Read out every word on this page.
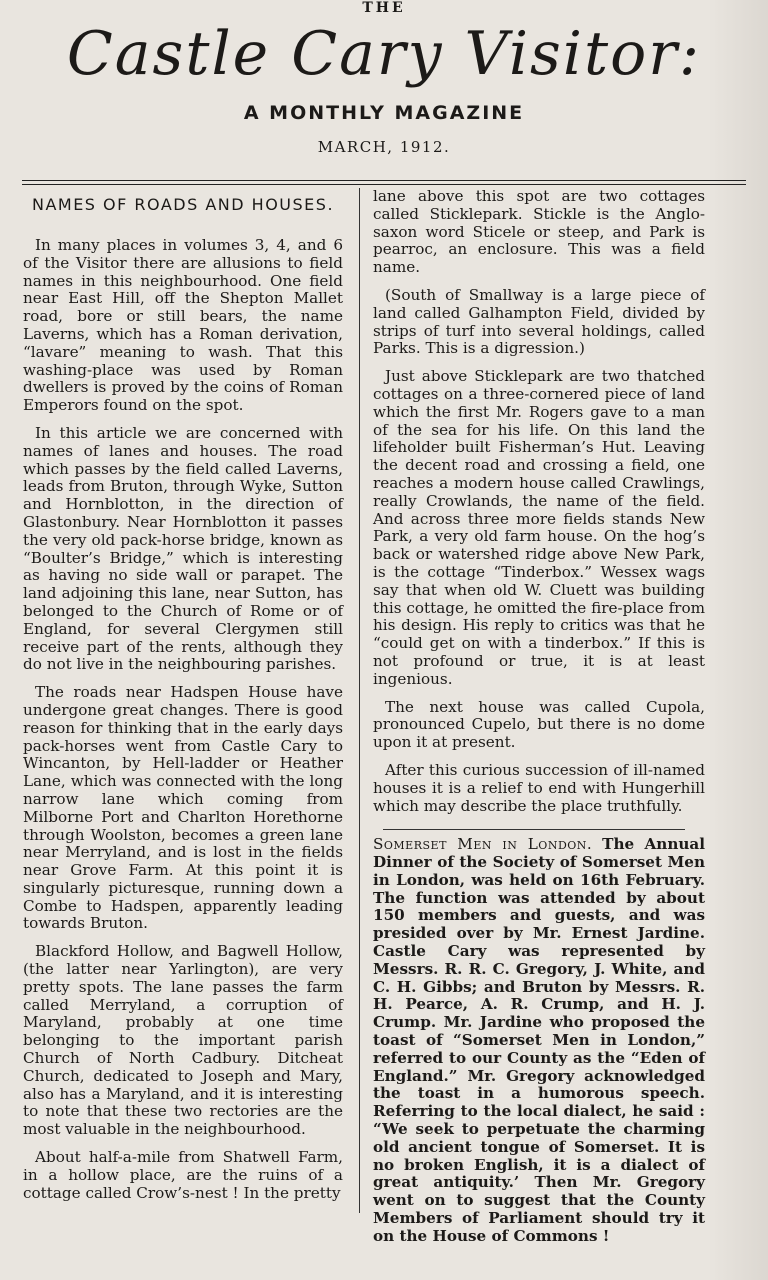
THE
Castle Cary Visitor:
A MONTHLY MAGAZINE
MARCH, 1912.
NAMES OF ROADS AND HOUSES.

In many places in volumes 3, 4, and 6 of the Visitor there are allusions to field names in this neighbourhood. One field near East Hill, off the Shepton Mallet road, bore or still bears, the name Laverns, which has a Roman derivation, “lavare” meaning to wash. That this washing-place was used by Roman dwellers is proved by the coins of Roman Emperors found on the spot.

In this article we are concerned with names of lanes and houses. The road which passes by the field called Laverns, leads from Bruton, through Wyke, Sutton and Hornblotton, in the direction of Glastonbury. Near Hornblotton it passes the very old pack-horse bridge, known as “Boulter’s Bridge,” which is interesting as having no side wall or parapet. The land adjoining this lane, near Sutton, has belonged to the Church of Rome or of England, for several Clergymen still receive part of the rents, although they do not live in the neighbouring parishes.

The roads near Hadspen House have undergone great changes. There is good reason for thinking that in the early days pack-horses went from Castle Cary to Wincanton, by Hell-ladder or Heather Lane, which was connected with the long narrow lane which coming from Milborne Port and Charlton Horethorne through Woolston, becomes a green lane near Merryland, and is lost in the fields near Grove Farm. At this point it is singularly picturesque, running down a Combe to Hadspen, apparently leading towards Bruton.

Blackford Hollow, and Bagwell Hollow, (the latter near Yarlington), are very pretty spots. The lane passes the farm called Merryland, a corruption of Maryland, probably at one time belonging to the important parish Church of North Cadbury. Ditcheat Church, dedicated to Joseph and Mary, also has a Maryland, and it is interesting to note that these two rectories are the most valuable in the neighbourhood.

About half-a-mile from Shatwell Farm, in a hollow place, are the ruins of a cottage called Crow’s-nest ! In the pretty

lane above this spot are two cottages called Sticklepark. Stickle is the Anglo-saxon word Sticele or steep, and Park is pearroc, an enclosure. This was a field name.

(South of Smallway is a large piece of land called Galhampton Field, divided by strips of turf into several holdings, called Parks. This is a digression.)

Just above Sticklepark are two thatched cottages on a three-cornered piece of land which the first Mr. Rogers gave to a man of the sea for his life. On this land the lifeholder built Fisherman’s Hut. Leaving the decent road and crossing a field, one reaches a modern house called Crawlings, really Crowlands, the name of the field. And across three more fields stands New Park, a very old farm house. On the hog’s back or watershed ridge above New Park, is the cottage “Tinderbox.” Wessex wags say that when old W. Cluett was building this cottage, he omitted the fire-place from his design. His reply to critics was that he “could get on with a tinderbox.” If this is not profound or true, it is at least ingenious.

The next house was called Cupola, pronounced Cupelo, but there is no dome upon it at present.

After this curious succession of ill-named houses it is a relief to end with Hungerhill which may describe the place truthfully.

Somerset Men in London. The Annual Dinner of the Society of Somerset Men in London, was held on 16th February. The function was attended by about 150 members and guests, and was presided over by Mr. Ernest Jardine. Castle Cary was represented by Messrs. R. R. C. Gregory, J. White, and C. H. Gibbs; and Bruton by Messrs. R. H. Pearce, A. R. Crump, and H. J. Crump. Mr. Jardine who proposed the toast of “Somerset Men in London,” referred to our County as the “Eden of England.” Mr. Gregory acknowledged the toast in a humorous speech. Referring to the local dialect, he said : “We seek to perpetuate the charming old ancient tongue of Somerset. It is no broken English, it is a dialect of great antiquity.’ Then Mr. Gregory went on to suggest that the County Members of Parliament should try it on the House of Commons !
